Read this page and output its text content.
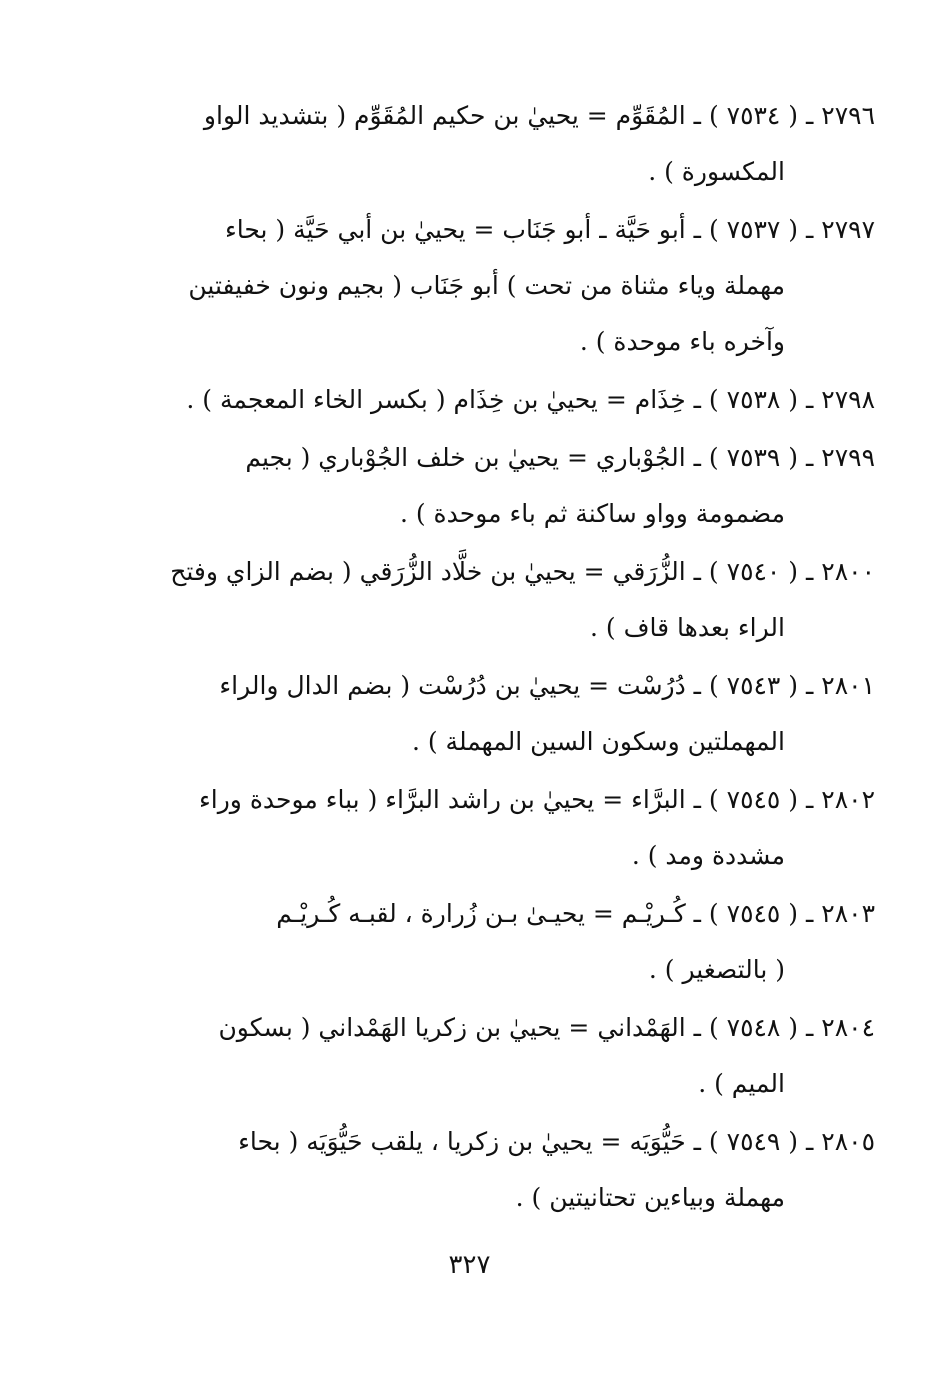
٢٧٩٦ ـ ( ٧٥٣٤ ) ـ المُقَوِّم = يحييٰ بن حكيم المُقَوِّم ( بتشديد الواو
المكسورة ) .
٢٧٩٧ ـ ( ٧٥٣٧ ) ـ أبو حَيَّة ـ أبو جَنَاب = يحييٰ بن أبي حَيَّة ( بحاء
مهملة وياء مثناة من تحت ) أبو جَنَاب ( بجيم ونون خفيفتين
وآخره باء موحدة ) .
٢٧٩٨ ـ ( ٧٥٣٨ ) ـ خِذَام = يحييٰ بن خِذَام ( بكسر الخاء المعجمة ) .
٢٧٩٩ ـ ( ٧٥٣٩ ) ـ الجُوْباري = يحييٰ بن خلف الجُوْباري ( بجيم
مضمومة وواو ساكنة ثم باء موحدة ) .
٢٨٠٠ ـ ( ٧٥٤٠ ) ـ الزُّرَقي = يحييٰ بن خلَّاد الزُّرَقي ( بضم الزاي وفتح
الراء بعدها قاف ) .
٢٨٠١ ـ ( ٧٥٤٣ ) ـ دُرُسْت = يحييٰ بن دُرُسْت ( بضم الدال والراء
المهملتين وسكون السين المهملة ) .
٢٨٠٢ ـ ( ٧٥٤٥ ) ـ البرَّاء = يحييٰ بن راشد البرَّاء ( بباء موحدة وراء
مشددة ومد ) .
٢٨٠٣ ـ ( ٧٥٤٥ ) ـ كُـريْـم = يحيـىٰ بـن زُرارة ، لقبـه كُـريْـم
( بالتصغير ) .
٢٨٠٤ ـ ( ٧٥٤٨ ) ـ الهَمْداني = يحييٰ بن زكريا الهَمْداني ( بسكون
الميم ) .
٢٨٠٥ ـ ( ٧٥٤٩ ) ـ حَيُّوَيَه = يحييٰ بن زكريا ، يلقب حَيُّوَيَه ( بحاء
مهملة وبياءين تحتانيتين ) .
٣٢٧
